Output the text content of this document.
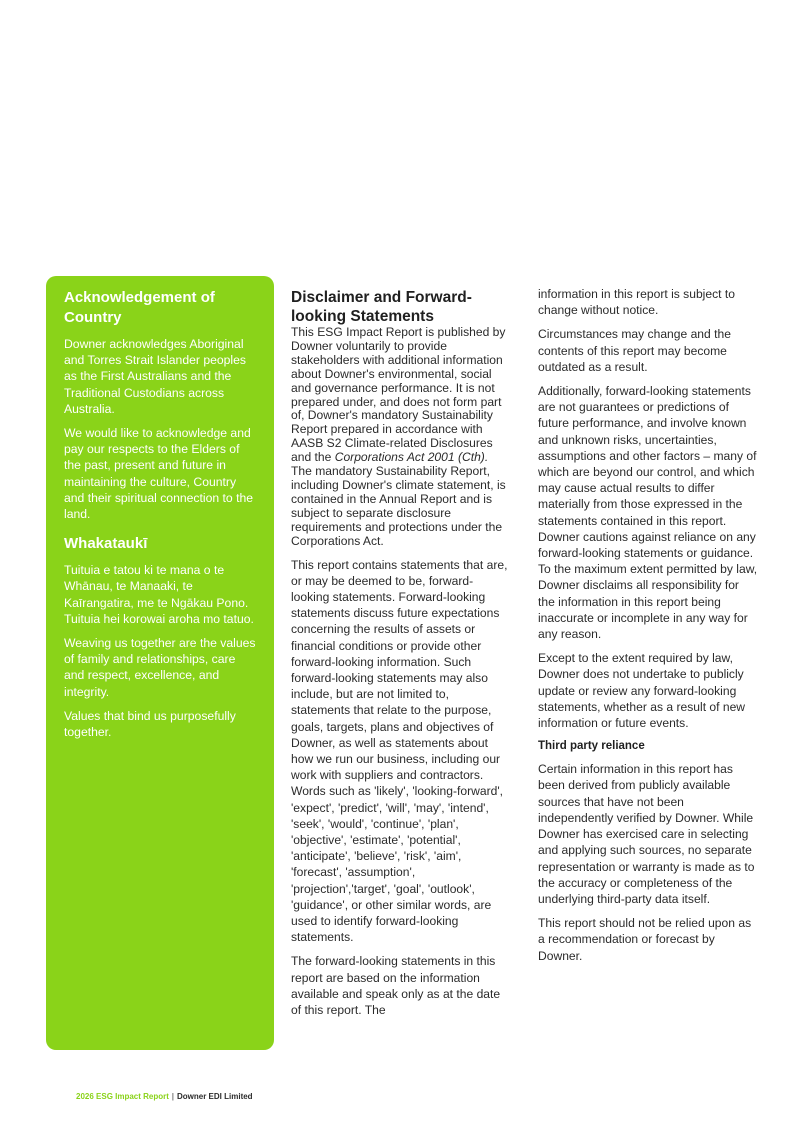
Acknowledgement of Country

Downer acknowledges Aboriginal and Torres Strait Islander peoples as the First Australians and the Traditional Custodians across Australia.

We would like to acknowledge and pay our respects to the Elders of the past, present and future in maintaining the culture, Country and their spiritual connection to the land.

Whakataukī

Tuituia e tatou ki te mana o te Whānau, te Manaaki, te Kaīrangatira, me te Ngākau Pono. Tuituia hei korowai aroha mo tatuo.

Weaving us together are the values of family and relationships, care and respect, excellence, and integrity.

Values that bind us purposefully together.

Disclaimer and Forward-looking Statements

This ESG Impact Report is published by Downer voluntarily to provide stakeholders with additional information about Downer's environmental, social and governance performance. It is not prepared under, and does not form part of, Downer's mandatory Sustainability Report prepared in accordance with AASB S2 Climate-related Disclosures and the Corporations Act 2001 (Cth). The mandatory Sustainability Report, including Downer's climate statement, is contained in the Annual Report and is subject to separate disclosure requirements and protections under the Corporations Act.

This report contains statements that are, or may be deemed to be, forward-looking statements. Forward-looking statements discuss future expectations concerning the results of assets or financial conditions or provide other forward-looking information. Such forward-looking statements may also include, but are not limited to, statements that relate to the purpose, goals, targets, plans and objectives of Downer, as well as statements about how we run our business, including our work with suppliers and contractors. Words such as 'likely', 'looking-forward', 'expect', 'predict', 'will', 'may', 'intend', 'seek', 'would', 'continue', 'plan', 'objective', 'estimate', 'potential', 'anticipate', 'believe', 'risk', 'aim', 'forecast', 'assumption', 'projection','target', 'goal', 'outlook', 'guidance', or other similar words, are used to identify forward-looking statements.

The forward-looking statements in this report are based on the information available and speak only as at the date of this report. The

information in this report is subject to change without notice.

Circumstances may change and the contents of this report may become outdated as a result.

Additionally, forward-looking statements are not guarantees or predictions of future performance, and involve known and unknown risks, uncertainties, assumptions and other factors – many of which are beyond our control, and which may cause actual results to differ materially from those expressed in the statements contained in this report. Downer cautions against reliance on any forward-looking statements or guidance. To the maximum extent permitted by law, Downer disclaims all responsibility for the information in this report being inaccurate or incomplete in any way for any reason.

Except to the extent required by law, Downer does not undertake to publicly update or review any forward-looking statements, whether as a result of new information or future events.

Third party reliance

Certain information in this report has been derived from publicly available sources that have not been independently verified by Downer. While Downer has exercised care in selecting and applying such sources, no separate representation or warranty is made as to the accuracy or completeness of the underlying third-party data itself.

This report should not be relied upon as a recommendation or forecast by Downer.

2026 ESG Impact Report | Downer EDI Limited
